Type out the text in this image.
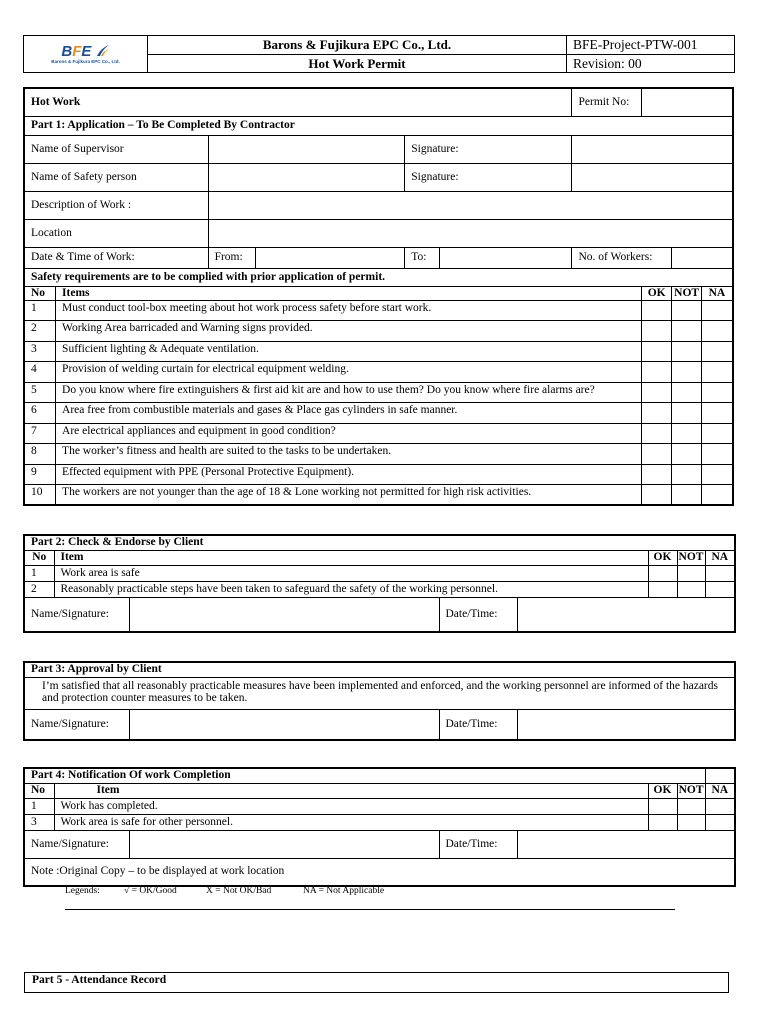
BFE
Barons & Fujikura EPC Co., Ltd.	Barons & Fujikura EPC Co., Ltd.	BFE-Project-PTW-001
	Hot Work Permit	Revision: 00
Hot Work						Permit No:			
Part 1: Application – To Be Completed By Contractor									
Name of Supervisor				Signature:					
Name of Safety person				Signature:					
Description of Work :									
Location									
Date & Time of Work:		From:		To:		No. of Workers:			
Safety requirements are to be complied with prior application of permit.									
No	Items						OK	NOT	NA
1	Must conduct tool-box meeting about hot work process safety before start work.								
2	Working Area barricaded and Warning signs provided.								
3	Sufficient lighting & Adequate ventilation.								
4	Provision of welding curtain for electrical equipment welding.								
5	Do you know where fire extinguishers & first aid kit are and how to use them? Do you know where fire alarms are?								
6	Area free from combustible materials and gases & Place gas cylinders in safe manner.								
7	Are electrical appliances and equipment in good condition?								
8	The worker’s fitness and health are suited to the tasks to be undertaken.								
9	Effected equipment with PPE (Personal Protective Equipment).								
10	The workers are not younger than the age of 18 & Lone working not permitted for high risk activities.								
Part 2: Check & Endorse by Client							
No	Item				OK	NOT	NA
1	Work area is safe						
2	Reasonably practicable steps have been taken to safeguard the safety of the working personnel.						
Name/Signature:			Date/Time:				
Part 3: Approval by Client
I’m satisfied that all reasonably practicable measures have been implemented and enforced, and the working personnel are informed of the hazards and protection counter measures to be taken.
Name/Signature:		Date/Time:	
Part 4: Notification Of work Completion							
No	Item				OK	NOT	NA
1	Work has completed.						
3	Work area is safe for other personnel.						
Name/Signature:			Date/Time:				
Note :Original Copy – to be displayed at work location							
Legends:	√ = OK/Good	X = Not OK/Bad	NA = Not Applicable
Part 5 - Attendance Record
